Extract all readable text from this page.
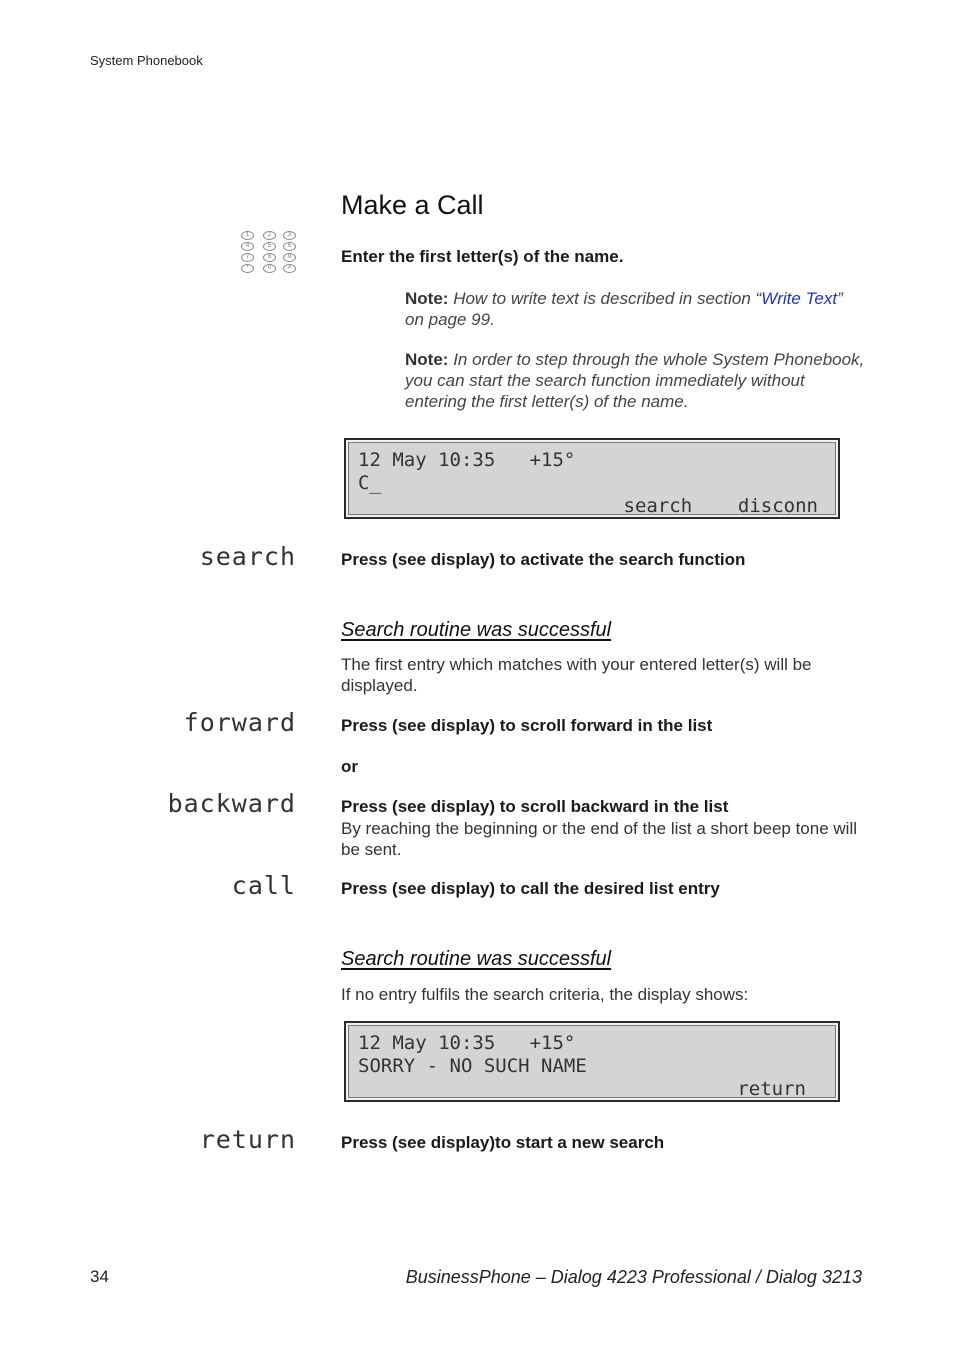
System Phonebook
Make a Call
1	2	3
4	5	6
7	8	9
*	0	#
Enter the first letter(s) of the name.
Note: How to write text is described in section “Write Text” on page 99.
Note: In order to step through the whole System Phonebook, you can start the search function immediately without entering the first letter(s) of the name.
12 May 10:35   +15°
C_
search    disconn
search	Press (see display) to activate the search function
Search routine was successful
The first entry which matches with your entered letter(s) will be displayed.
forward	Press (see display) to scroll forward in the list
or
backward	Press (see display) to scroll backward in the list
By reaching the beginning or the end of the list a short beep tone will be sent.
call	Press (see display) to call the desired list entry
Search routine was successful
If no entry fulfils the search criteria, the display shows:
12 May 10:35   +15°
SORRY - NO SUCH NAME
return
return	Press (see display)to start a new search
34	BusinessPhone – Dialog 4223 Professional / Dialog 3213
